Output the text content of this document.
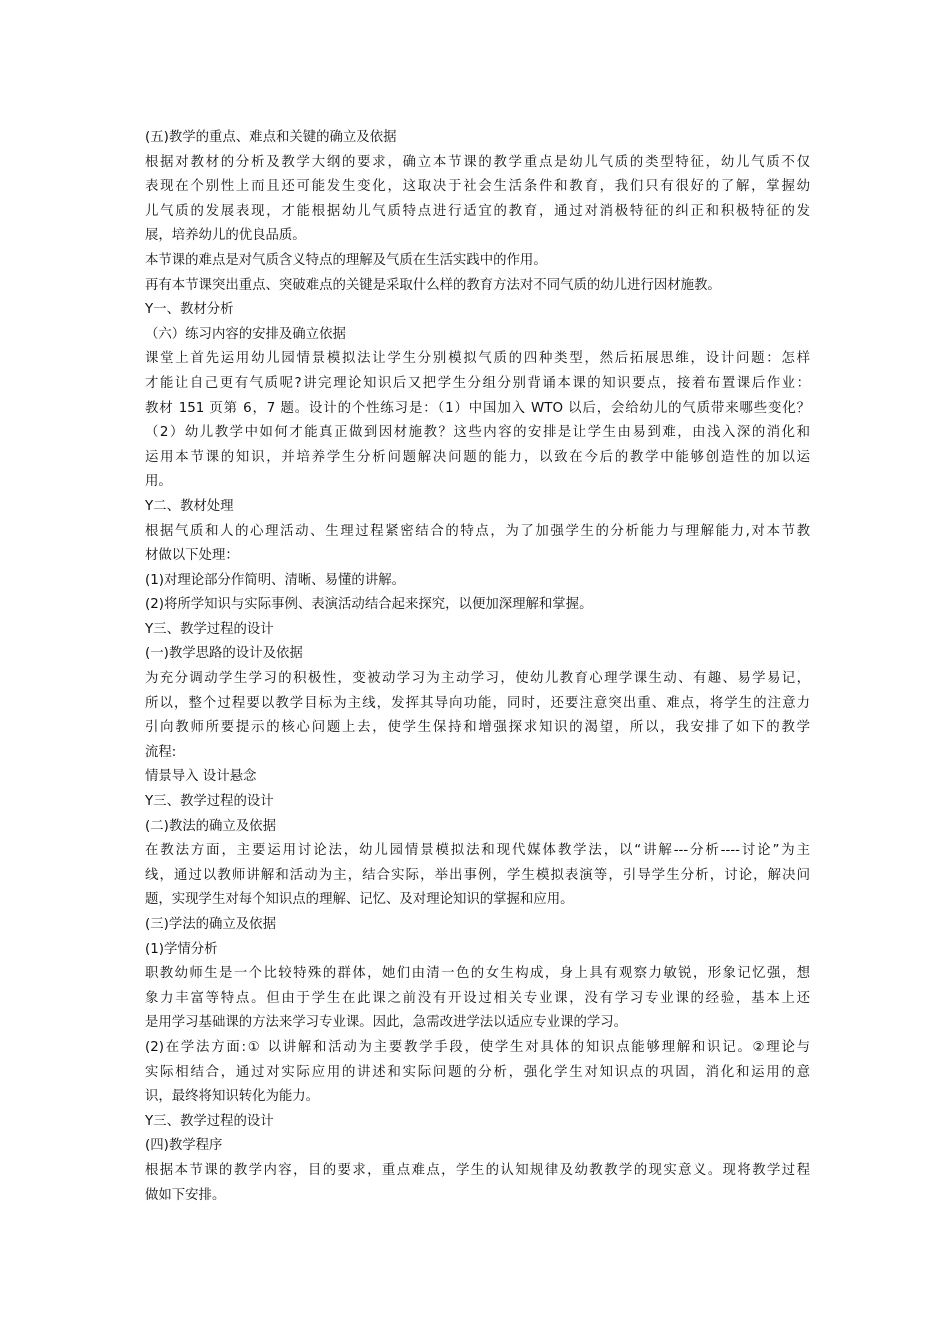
(五)教学的重点、难点和关键的确立及依据
根据对教材的分析及教学大纲的要求，确立本节课的教学重点是幼儿气质的类型特征，幼儿气质不仅
表现在个别性上而且还可能发生变化，这取决于社会生活条件和教育，我们只有很好的了解，掌握幼
儿气质的发展表现，才能根据幼儿气质特点进行适宜的教育，通过对消极特征的纠正和积极特征的发
展，培养幼儿的优良品质。
本节课的难点是对气质含义特点的理解及气质在生活实践中的作用。
再有本节课突出重点、突破难点的关键是采取什么样的教育方法对不同气质的幼儿进行因材施教。
Y一、教材分析
（六）练习内容的安排及确立依据
课堂上首先运用幼儿园情景模拟法让学生分别模拟气质的四种类型，然后拓展思维，设计问题：怎样
才能让自己更有气质呢?讲完理论知识后又把学生分组分别背诵本课的知识要点，接着布置课后作业：
教材 151 页第 6，7 题。设计的个性练习是：（1）中国加入 WTO 以后，会给幼儿的气质带来哪些变化？
（2）幼儿教学中如何才能真正做到因材施教？这些内容的安排是让学生由易到难，由浅入深的消化和
运用本节课的知识，并培养学生分析问题解决问题的能力，以致在今后的教学中能够创造性的加以运
用。
Y二、教材处理
根据气质和人的心理活动、生理过程紧密结合的特点，为了加强学生的分析能力与理解能力,对本节教
材做以下处理：
(1)对理论部分作简明、清晰、易懂的讲解。
(2)将所学知识与实际事例、表演活动结合起来探究，以便加深理解和掌握。
Y三、教学过程的设计
(一)教学思路的设计及依据
为充分调动学生学习的积极性，变被动学习为主动学习，使幼儿教育心理学课生动、有趣、易学易记，
所以，整个过程要以教学目标为主线，发挥其导向功能，同时，还要注意突出重、难点，将学生的注意力
引向教师所要提示的核心问题上去，使学生保持和增强探求知识的渴望，所以，我安排了如下的教学
流程:
情景导入 设计悬念
Y三、教学过程的设计
(二)教法的确立及依据
在教法方面，主要运用讨论法，幼儿园情景模拟法和现代媒体教学法，以“讲解---分析----讨论”为主
线，通过以教师讲解和活动为主，结合实际，举出事例，学生模拟表演等，引导学生分析，讨论，解决问
题，实现学生对每个知识点的理解、记忆、及对理论知识的掌握和应用。
(三)学法的确立及依据
(1)学情分析
职教幼师生是一个比较特殊的群体，她们由清一色的女生构成，身上具有观察力敏锐，形象记忆强，想
象力丰富等特点。但由于学生在此课之前没有开设过相关专业课，没有学习专业课的经验，基本上还
是用学习基础课的方法来学习专业课。因此，急需改进学法以适应专业课的学习。
(2)在学法方面:① 以讲解和活动为主要教学手段，使学生对具体的知识点能够理解和识记。②理论与
实际相结合，通过对实际应用的讲述和实际问题的分析，强化学生对知识点的巩固，消化和运用的意
识，最终将知识转化为能力。
Y三、教学过程的设计
(四)教学程序
根据本节课的教学内容，目的要求，重点难点，学生的认知规律及幼教教学的现实意义。现将教学过程
做如下安排。
